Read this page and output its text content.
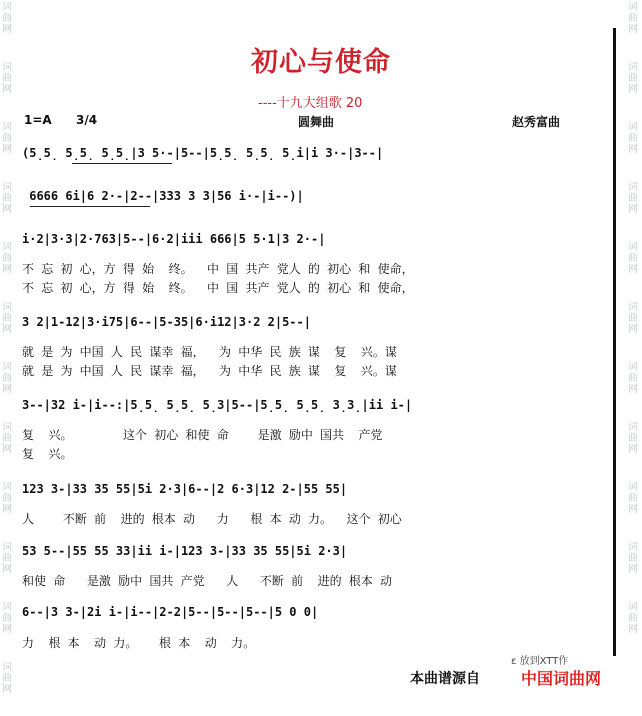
词
曲
网
词
曲
网
词
曲
网
词
曲
网
词
曲
网
词
曲
网
词
曲
网
词
曲
网
词
曲
网
词
曲
网
词
曲
网
词
曲
网
词
曲
网
词
曲
网
词
曲
网
词
曲
网
词
曲
网
词
曲
网
词
曲
网
词
曲
网
词
曲
网
词
曲
网
词
曲
网
初心与使命
----十九大组歌 20
1=A 3/4	圆舞曲	赵秀富曲
(5̣5̣ 5̣5̣ 5̣5̣|3 5·-|5--|5̣5̣ 5̣5̣ 5̣i|i 3·-|3--|
6666 6i|6 2·-|2--|333 3 3|56 i·-|i--)|
i·2|3·3|2·763|5--|6·2|iii 666|5 5·1|3 2·-|
不 忘 初 心，方 得 始  终。  中 国 共产 党人 的 初心 和 使命，
不 忘 初 心，方 得 始  终。  中 国 共产 党人 的 初心 和 使命，
3 2|1-12|3·i75|6--|5-35|6·i12|3·2 2|5--|
就 是 为 中国 人 民 谋幸 福，  为 中华 民 族 谋  复  兴。谋
就 是 为 中国 人 民 谋幸 福，  为 中华 民 族 谋  复  兴。谋
3--|32 i-|i--:|5̣5̣ 5̣5̣ 5̣3|5--|5̣5̣ 5̣5̣ 3̣3̣|ii i-|
复  兴。       这个 初心 和使 命    是激 励中 国共  产党
复  兴。
123 3-|33 35 55|5i 2·3|6--|2 6·3|12 2-|55 55|
人    不断 前  进的 根本 动   力   根 本 动 力。  这个 初心
53 5--|55 55 33|ii i-|123 3-|33 35 55|5i 2·3|
和使 命   是激 励中 国共 产党   人   不断 前  进的 根本 动
6--|3 3-|2i i-|i--|2-2|5--|5--|5--|5 0 0|
力  根 本  动 力。   根 本  动  力。
ε 放到XTT作
本曲谱源自	中国词曲网
